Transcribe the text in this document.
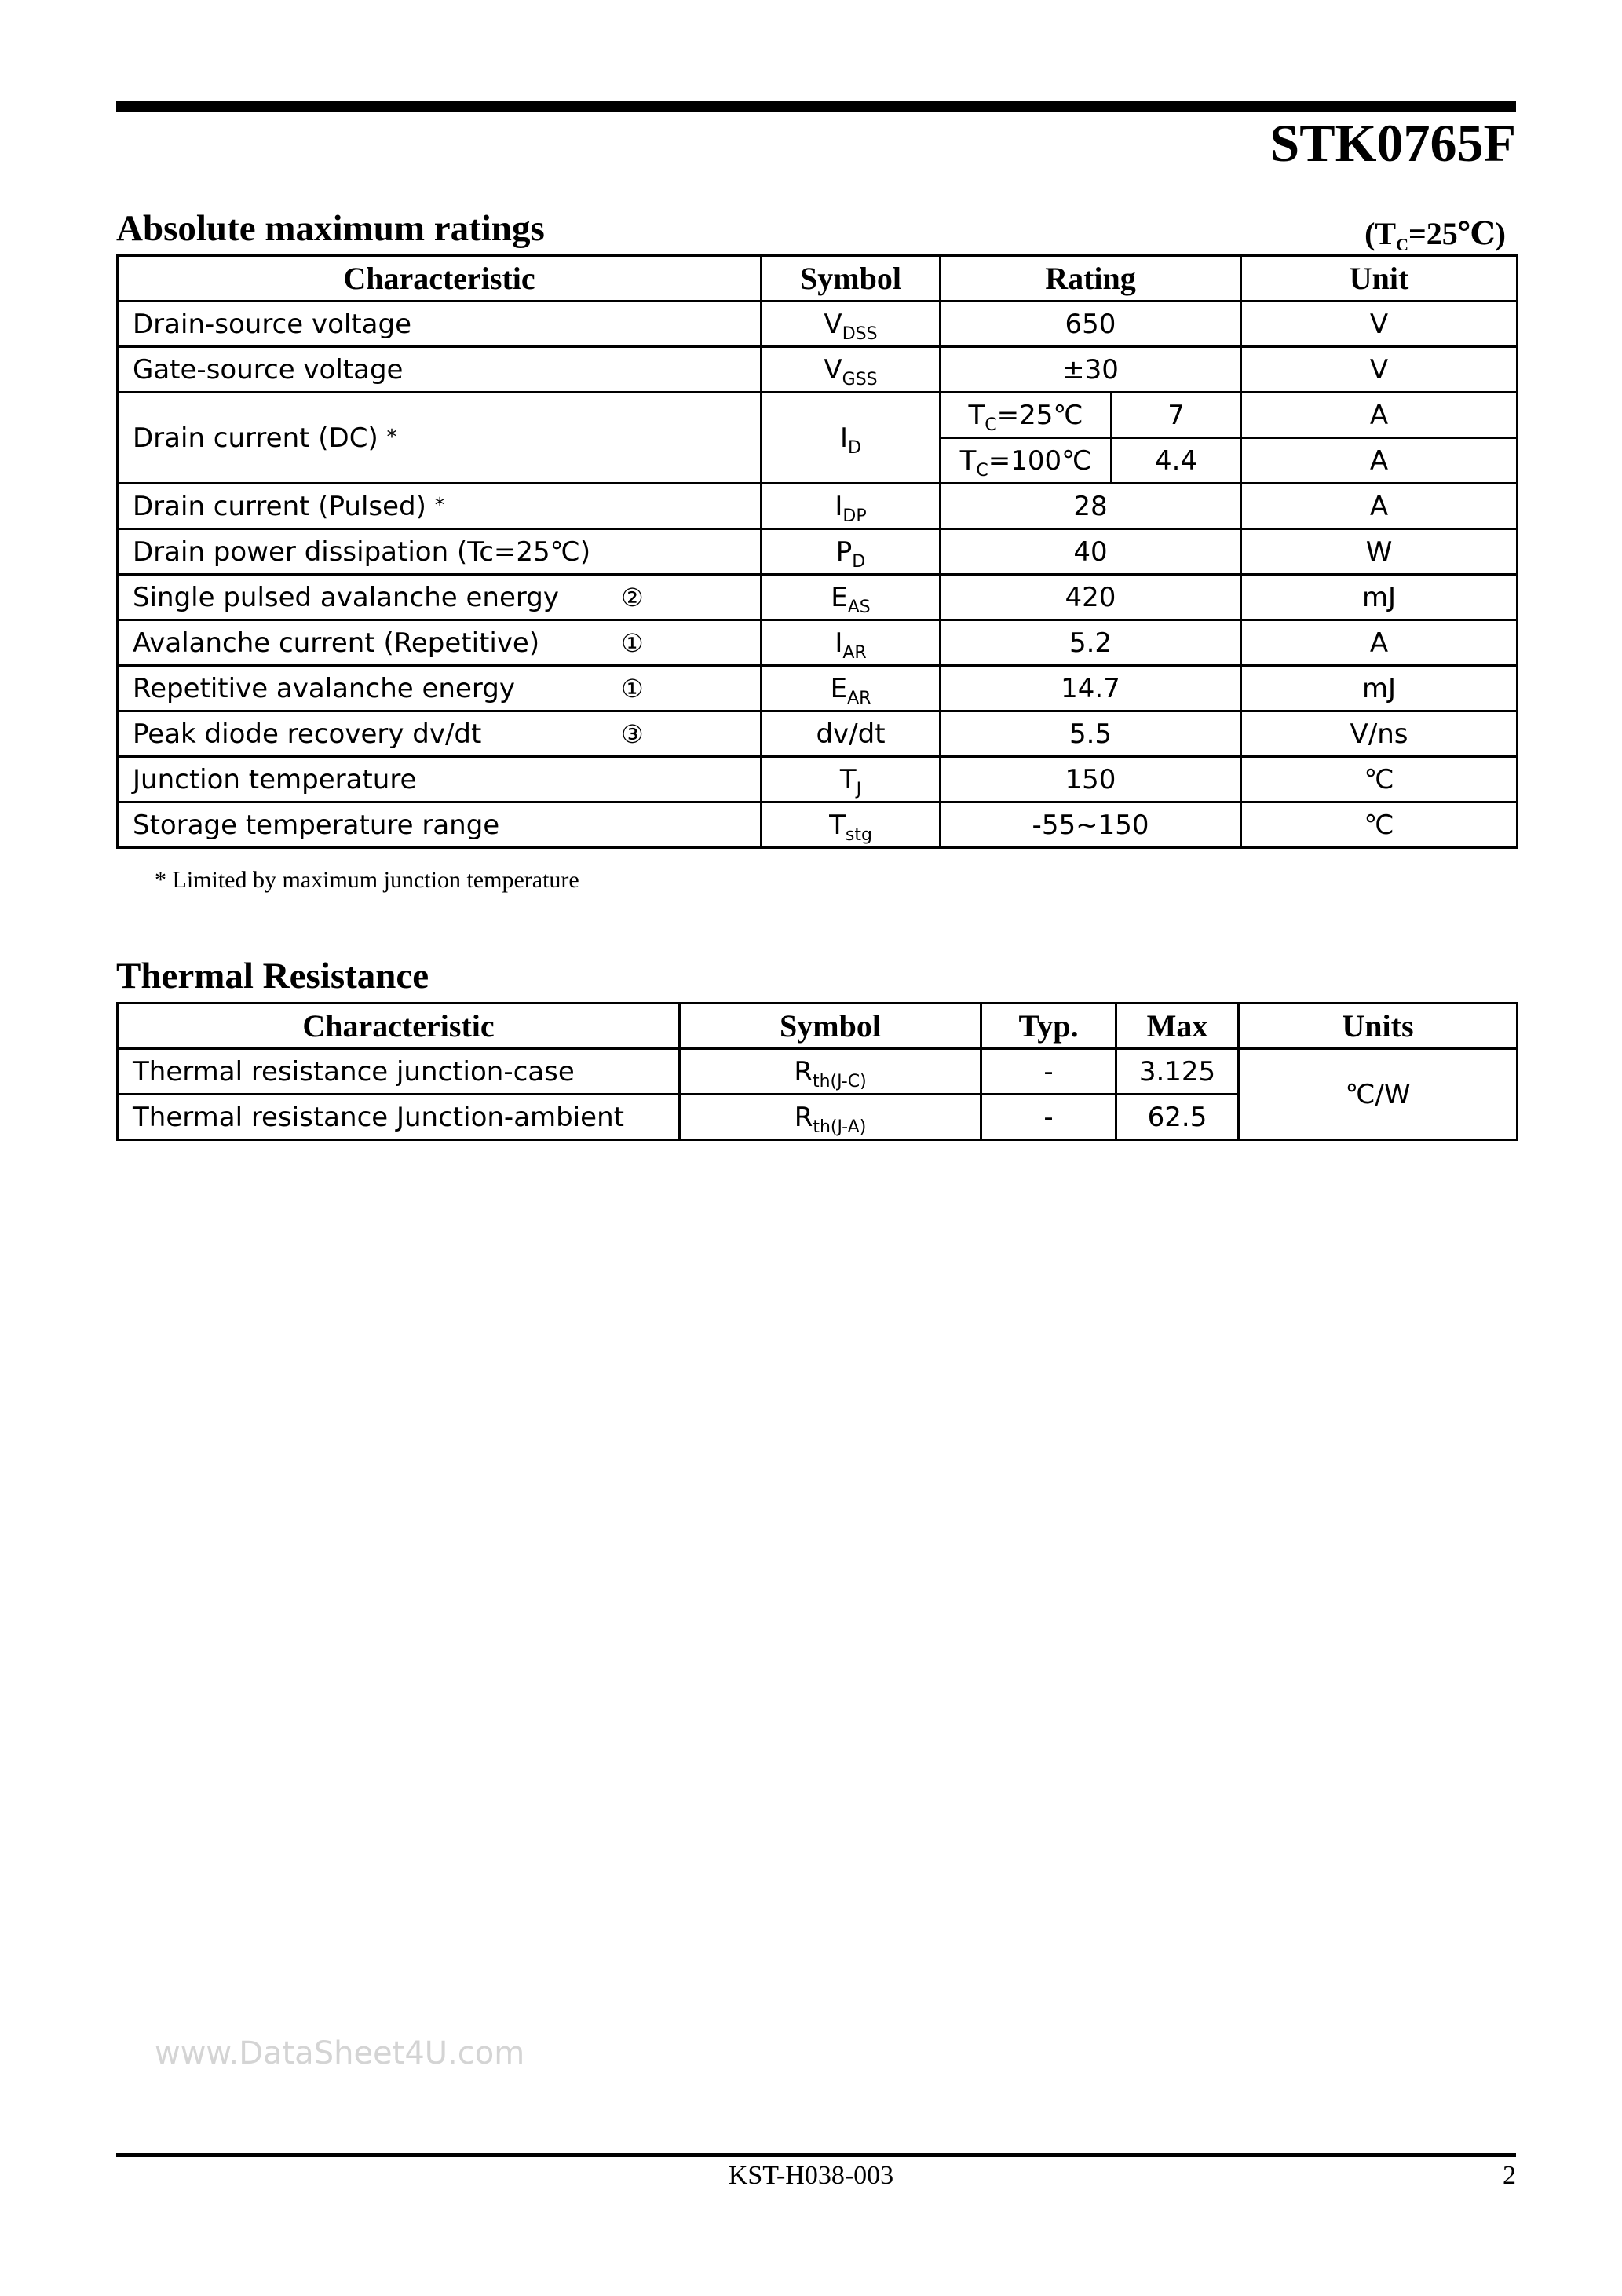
STK0765F
Absolute maximum ratings	$(T_C=25℃)$
Characteristic	Symbol	Rating		Unit
Drain-source voltage	$V_{DSS}$	650		V
Gate-source voltage	$V_{GSS}$	±30		V
Drain current (DC) *	$I_D$	$T_C=25℃$	7	A
		$T_C=100℃$	4.4	A
Drain current (Pulsed) *	$I_{DP}$	28		A
Drain power dissipation (Tc=25℃)	$P_D$	40		W
Single pulsed avalanche energy ②	$E_{AS}$	420		mJ
Avalanche current (Repetitive) ①	$I_{AR}$	5.2		A
Repetitive avalanche energy ①	$E_{AR}$	14.7		mJ
Peak diode recovery dv/dt ③	dv/dt	5.5		V/ns
Junction temperature	$T_J$	150		℃
Storage temperature range	$T_{stg}$	-55~150		℃
* Limited by maximum junction temperature
Thermal Resistance
Characteristic	Symbol	Typ.	Max	Units
Thermal resistance junction-case	$R_{th(J-C)}$	-	3.125	℃/W
Thermal resistance Junction-ambient	$R_{th(J-A)}$	-	62.5	
www.DataSheet4U.com
KST-H038-003	2
